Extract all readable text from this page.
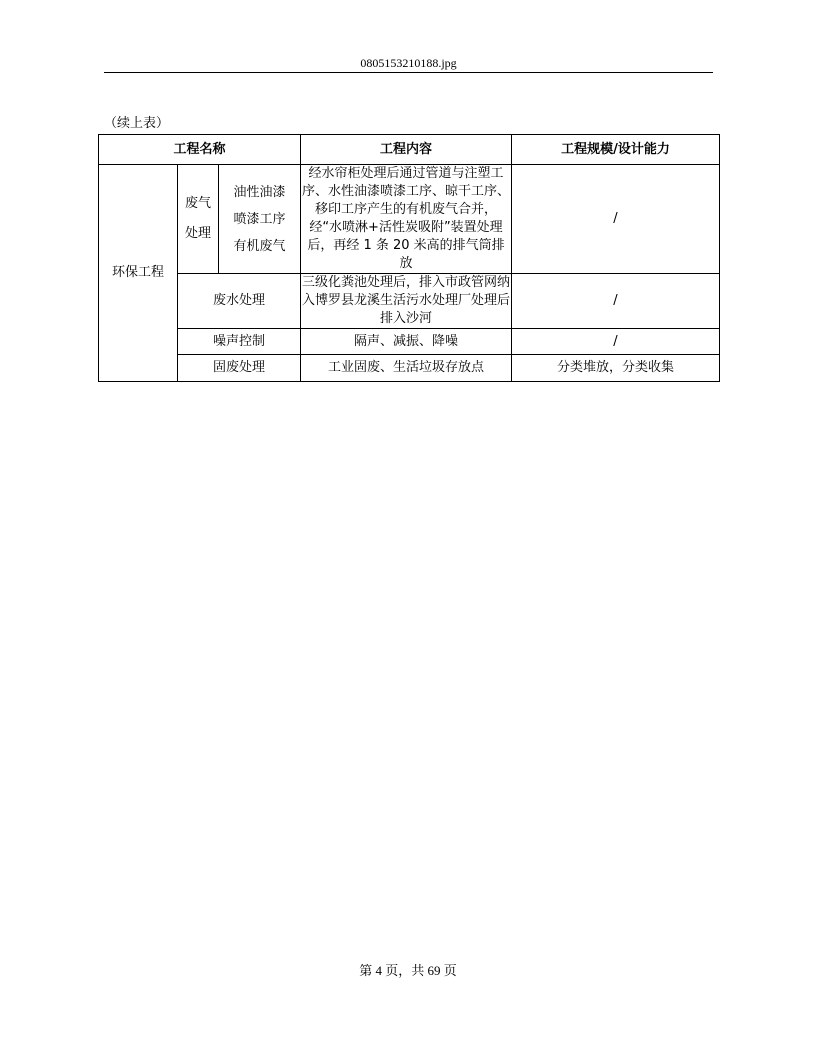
0805153210188.jpg
（续上表）
工程名称			工程内容	工程规模/设计能力
环保工程	废气处理	油性油漆喷漆工序有机废气	经水帘柜处理后通过管道与注塑工序、水性油漆喷漆工序、晾干工序、移印工序产生的有机废气合并，经“水喷淋+活性炭吸附”装置处理后，再经 1 条 20 米高的排气筒排放	/
	废水处理		三级化粪池处理后，排入市政管网纳入博罗县龙溪生活污水处理厂处理后排入沙河	/
	噪声控制		隔声、减振、降噪	/
	固废处理		工业固废、生活垃圾存放点	分类堆放，分类收集
第 4 页，共 69 页
